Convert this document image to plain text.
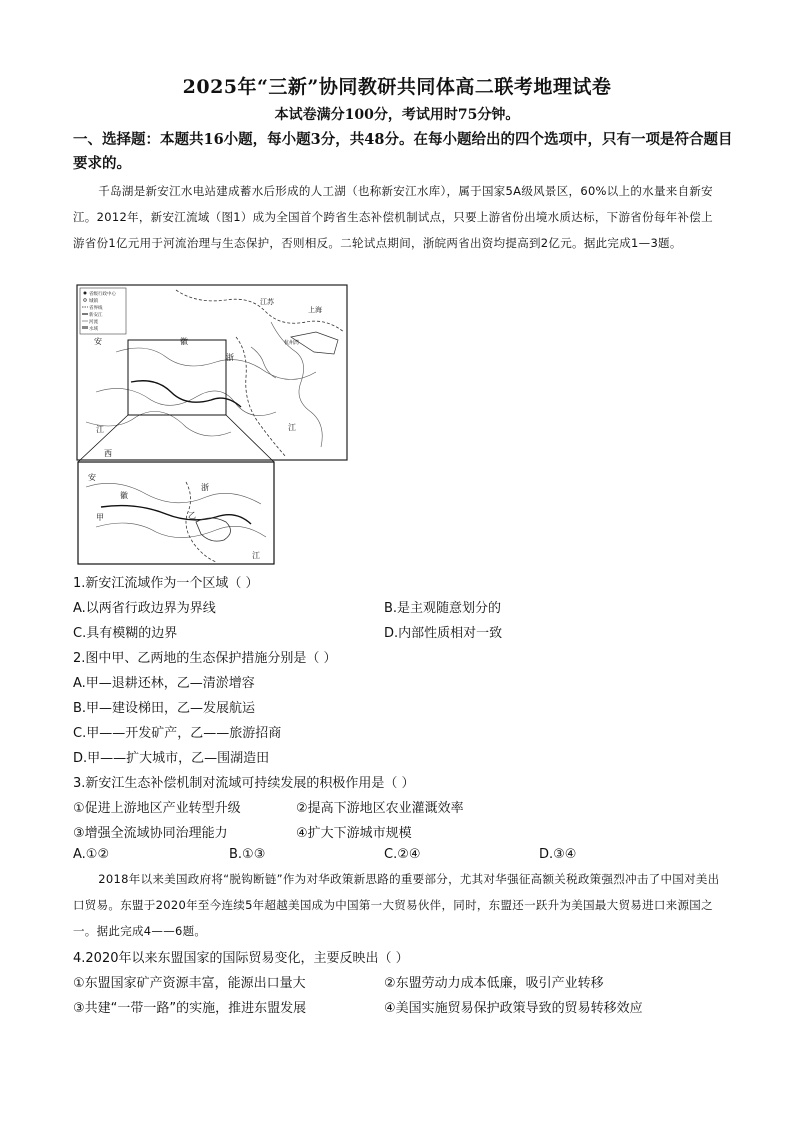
2025年“三新”协同教研共同体高二联考地理试卷
本试卷满分100分，考试用时75分钟。
一、选择题：本题共16小题，每小题3分，共48分。在每小题给出的四个选项中，只有一项是符合题目要求的。
千岛湖是新安江水电站建成蓄水后形成的人工湖（也称新安江水库），属于国家5A级风景区，60%以上的水量来自新安江。2012年，新安江流域（图1）成为全国首个跨省生态补偿机制试点，只要上游省份出境水质达标，下游省份每年补偿上游省份1亿元用于河流治理与生态保护，否则相反。二轮试点期间，浙皖两省出资均提高到2亿元。据此完成1—3题。
省级行政中心
城镇
省界线
新安江
河流
水域
江苏
上海
安	徽
浙
杭州湾
江	江
西
安
徽
甲
浙
乙
江
1.新安江流域作为一个区域（ ）
A.以两省行政边界为界线	B.是主观随意划分的
C.具有模糊的边界	D.内部性质相对一致
2.图中甲、乙两地的生态保护措施分别是（ ）
A.甲—退耕还林，乙—清淤增容
B.甲—建设梯田，乙—发展航运
C.甲——开发矿产，乙——旅游招商
D.甲——扩大城市，乙—围湖造田
3.新安江生态补偿机制对流域可持续发展的积极作用是（ ）
①促进上游地区产业转型升级	②提高下游地区农业灌溉效率
③增强全流域协同治理能力	④扩大下游城市规模
A.①②	B.①③	C.②④	D.③④
2018年以来美国政府将“脱钩断链”作为对华政策新思路的重要部分，尤其对华强征高额关税政策强烈冲击了中国对美出口贸易。东盟于2020年至今连续5年超越美国成为中国第一大贸易伙伴，同时，东盟还一跃升为美国最大贸易进口来源国之一。据此完成4——6题。
4.2020年以来东盟国家的国际贸易变化，主要反映出（ ）
①东盟国家矿产资源丰富，能源出口量大	②东盟劳动力成本低廉，吸引产业转移
③共建“一带一路”的实施，推进东盟发展	④美国实施贸易保护政策导致的贸易转移效应
